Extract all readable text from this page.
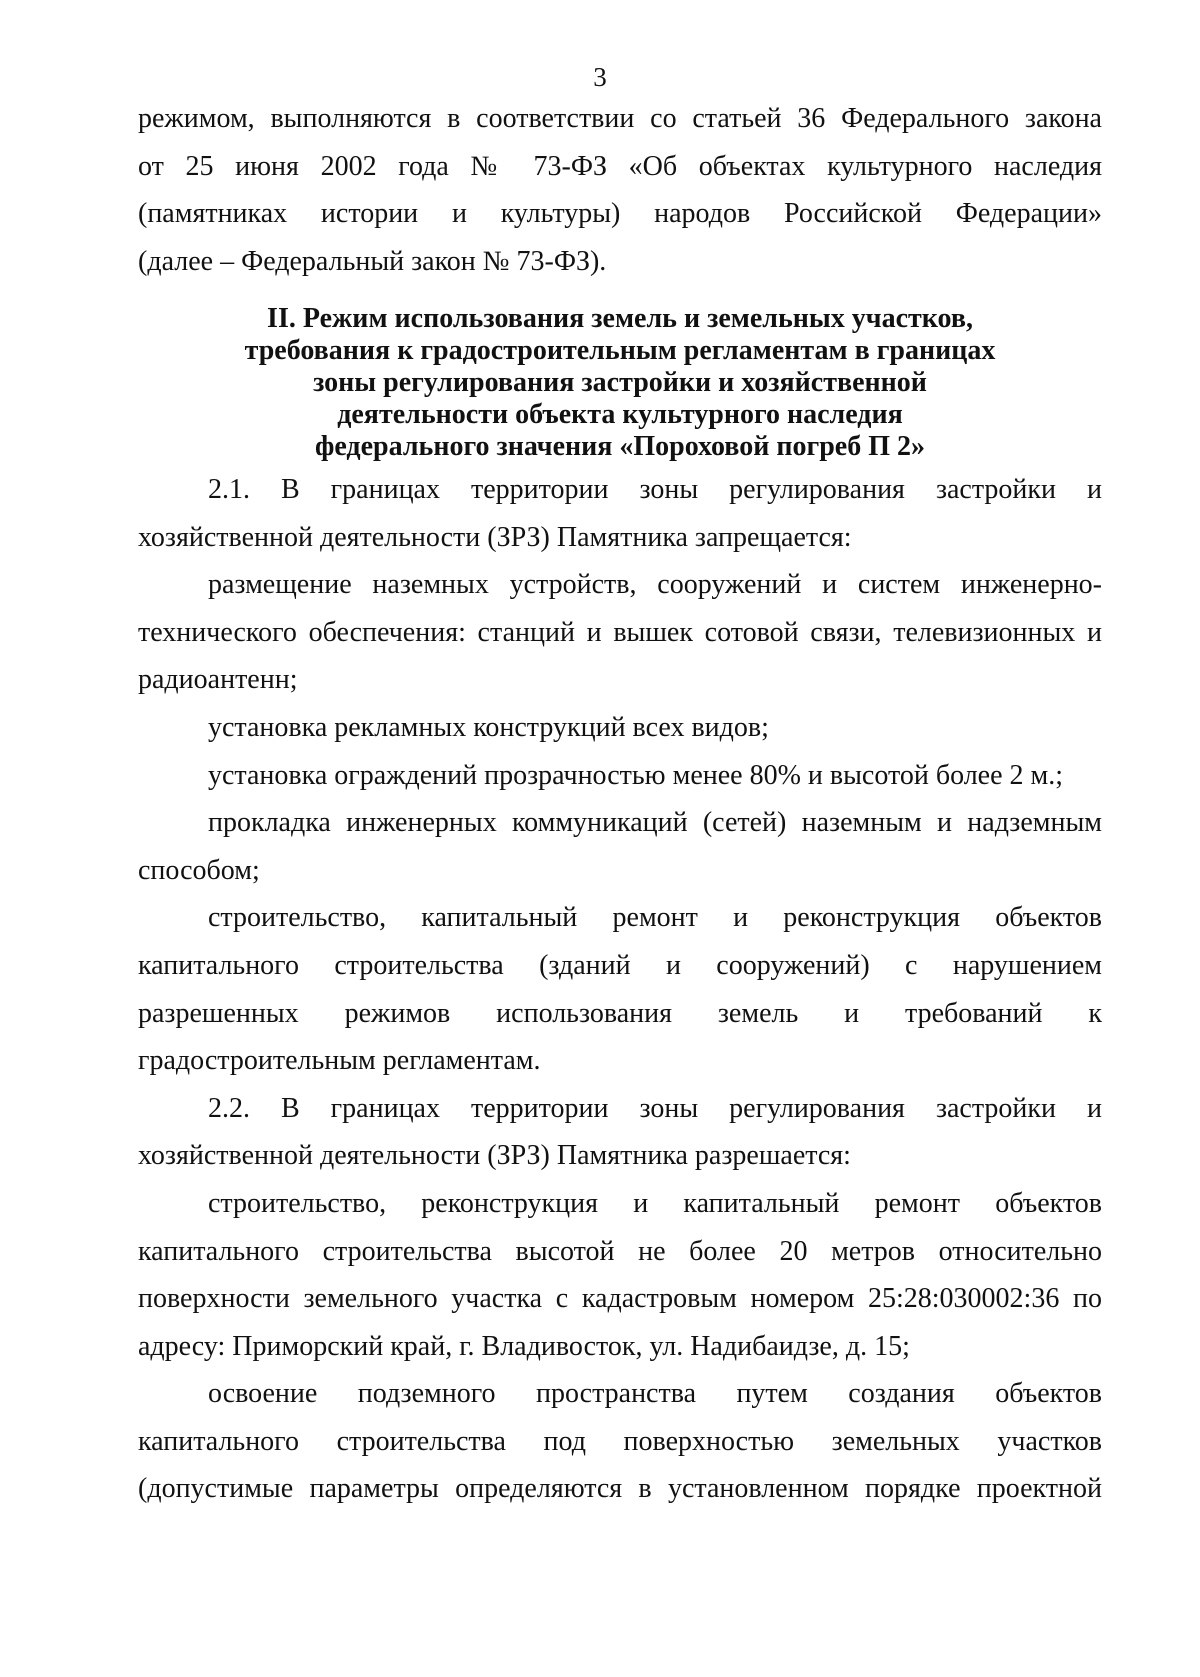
3
режимом, выполняются в соответствии со статьей 36 Федерального закона
от 25 июня 2002 года № 73-ФЗ «Об объектах культурного наследия
(памятниках истории и культуры) народов Российской Федерации»
(далее – Федеральный закон № 73-ФЗ).
II. Режим использования земель и земельных участков,
требования к градостроительным регламентам в границах
зоны регулирования застройки и хозяйственной
деятельности объекта культурного наследия
федерального значения «Пороховой погреб П 2»
2.1. В границах территории зоны регулирования застройки и
хозяйственной деятельности (ЗРЗ) Памятника запрещается:
размещение наземных устройств, сооружений и систем инженерно-
технического обеспечения: станций и вышек сотовой связи, телевизионных и
радиоантенн;
установка рекламных конструкций всех видов;
установка ограждений прозрачностью менее 80% и высотой более 2 м.;
прокладка инженерных коммуникаций (сетей) наземным и надземным
способом;
строительство, капитальный ремонт и реконструкция объектов
капитального строительства (зданий и сооружений) с нарушением
разрешенных режимов использования земель и требований к
градостроительным регламентам.
2.2. В границах территории зоны регулирования застройки и
хозяйственной деятельности (ЗРЗ) Памятника разрешается:
строительство, реконструкция и капитальный ремонт объектов
капитального строительства высотой не более 20 метров относительно
поверхности земельного участка с кадастровым номером 25:28:030002:36 по
адресу: Приморский край, г. Владивосток, ул. Надибаидзе, д. 15;
освоение подземного пространства путем создания объектов
капитального строительства под поверхностью земельных участков
(допустимые параметры определяются в установленном порядке проектной
